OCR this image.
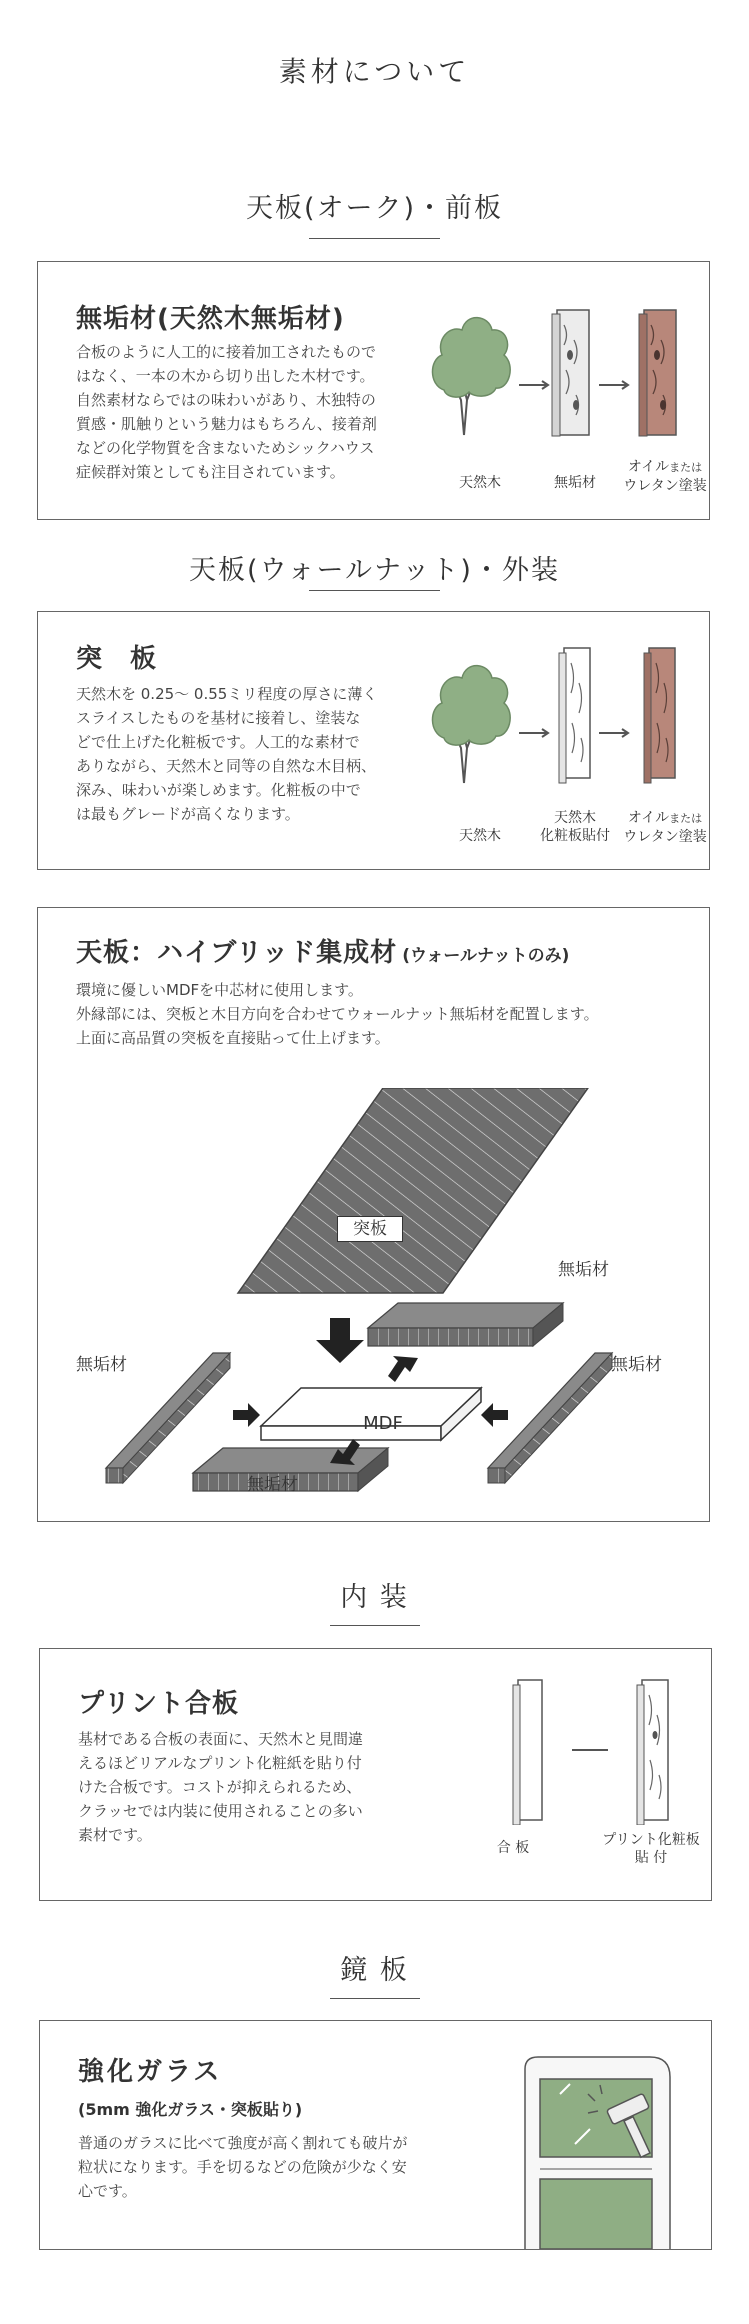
素材について
天板(オーク)・前板
無垢材(天然木無垢材)
合板のように人工的に接着加工されたもので
はなく、一本の木から切り出した木材です。
自然素材ならではの味わいがあり、木独特の
質感・肌触りという魅力はもちろん、接着剤
などの化学物質を含まないためシックハウス
症候群対策としても注目されています。
天然木	無垢材
オイルまたは
ウレタン塗装
天板(ウォールナット)・外装
突　板
天然木を 0.25〜 0.55ミリ程度の厚さに薄く
スライスしたものを基材に接着し、塗装な
どで仕上げた化粧板です。人工的な素材で
ありながら、天然木と同等の自然な木目柄、
深み、味わいが楽しめます。化粧板の中で
は最もグレードが高くなります。
天然木
天然木
化粧板貼付
オイルまたは
ウレタン塗装
天板：ハイブリッド集成材 (ウォールナットのみ)
環境に優しいMDFを中芯材に使用します。
外縁部には、突板と木目方向を合わせてウォールナット無垢材を配置します。
上面に高品質の突板を直接貼って仕上げます。
突板
MDF
無垢材
無垢材	無垢材
無垢材
内 装
プリント合板
基材である合板の表面に、天然木と見間違
えるほどリアルなプリント化粧紙を貼り付
けた合板です。コストが抑えられるため、
クラッセでは内装に使用されることの多い
素材です。
合 板	プリント化粧板
貼 付
鏡 板
強化ガラス
(5mm 強化ガラス・突板貼り)
普通のガラスに比べて強度が高く割れても破片が
粒状になります。手を切るなどの危険が少なく安
心です。
